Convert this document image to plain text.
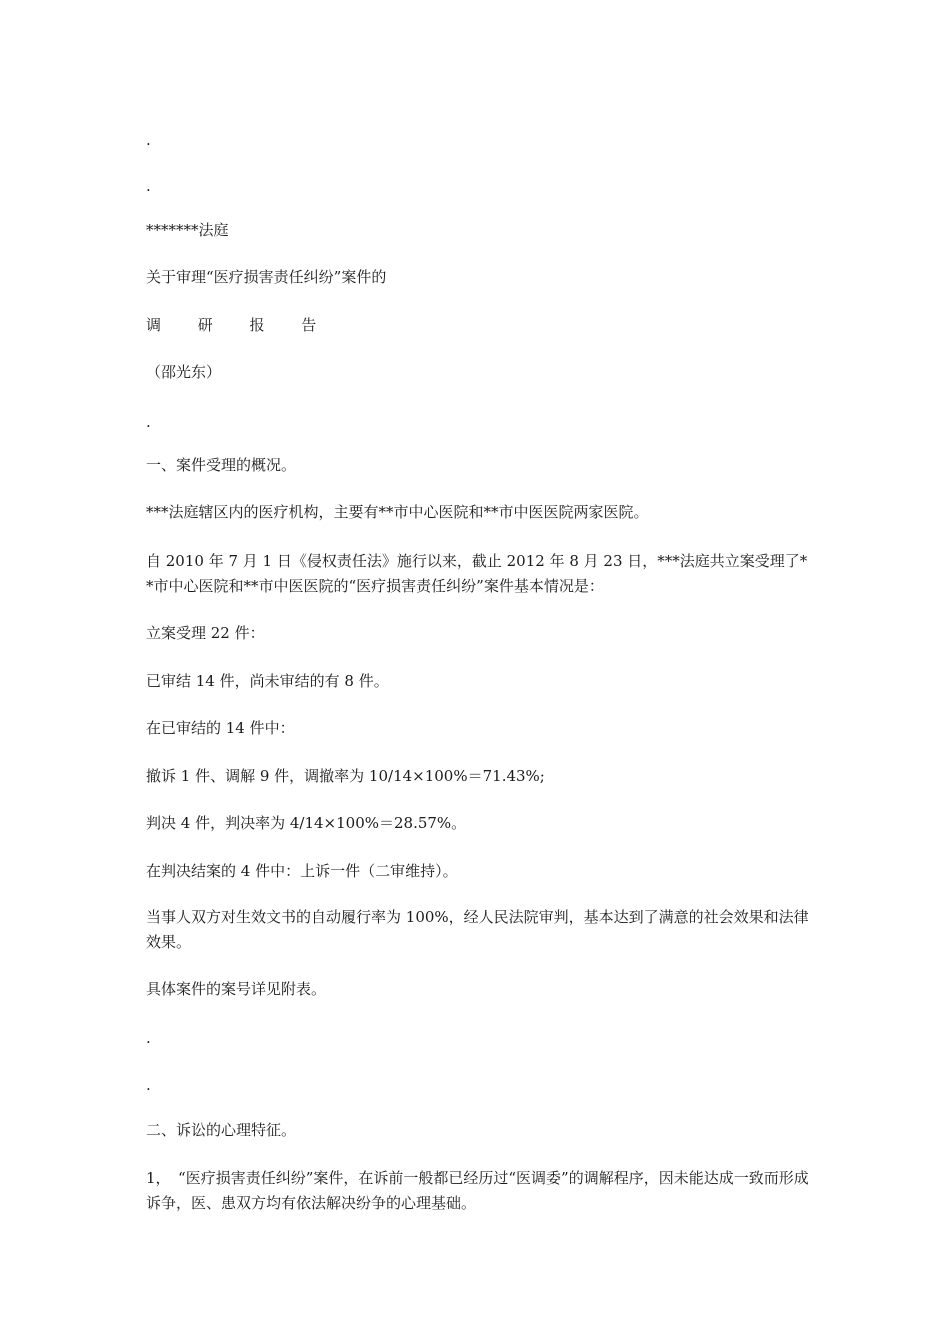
.
.
*******法庭
关于审理“医疗损害责任纠纷”案件的
调 研 报 告
（邵光东）
.
一、案件受理的概况。
***法庭辖区内的医疗机构，主要有**市中心医院和**市中医医院两家医院。
自 2010 年 7 月 1 日《侵权责任法》施行以来，截止 2012 年 8 月 23 日，***法庭共立案受理了**市中心医院和**市中医医院的“医疗损害责任纠纷”案件基本情况是：
立案受理 22 件：
已审结 14 件，尚未审结的有 8 件。
在已审结的 14 件中：
撤诉 1 件、调解 9 件，调撤率为 10/14×100%＝71.43%;
判决 4 件，判决率为 4/14×100%＝28.57%。
在判决结案的 4 件中：上诉一件（二审维持）。
当事人双方对生效文书的自动履行率为 100%，经人民法院审判，基本达到了满意的社会效果和法律效果。
具体案件的案号详见附表。
.
.
二、诉讼的心理特征。
1，　“医疗损害责任纠纷”案件，在诉前一般都已经历过“医调委”的调解程序，因未能达成一致而形成诉争，医、患双方均有依法解决纷争的心理基础。
